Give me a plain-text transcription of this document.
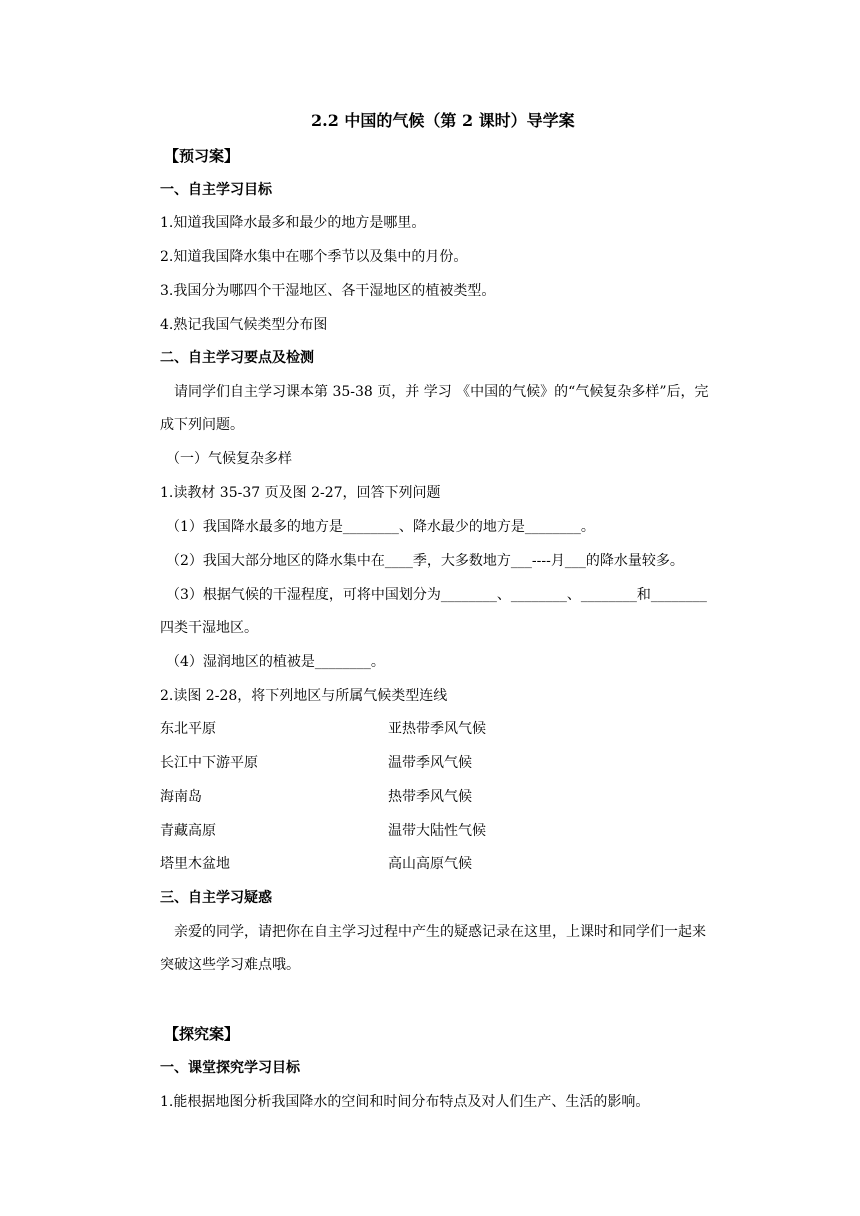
2.2 中国的气候（第 2 课时）导学案
【预习案】
一、自主学习目标
1.知道我国降水最多和最少的地方是哪里。
2.知道我国降水集中在哪个季节以及集中的月份。
3.我国分为哪四个干湿地区、各干湿地区的植被类型。
4.熟记我国气候类型分布图
二、自主学习要点及检测
请同学们自主学习课本第 35-38 页，并 学习 《中国的气候》的“气候复杂多样”后，完
成下列问题。
（一）气候复杂多样
1.读教材 35-37 页及图 2-27，回答下列问题
（1）我国降水最多的地方是________、降水最少的地方是________。
（2）我国大部分地区的降水集中在____季，大多数地方___----月___的降水量较多。
（3）根据气候的干湿程度，可将中国划分为________、________、________和________
四类干湿地区。
（4）湿润地区的植被是________。
2.读图 2-28，将下列地区与所属气候类型连线
东北平原	亚热带季风气候
长江中下游平原	温带季风气候
海南岛	热带季风气候
青藏高原	温带大陆性气候
塔里木盆地	高山高原气候
三、自主学习疑惑
亲爱的同学，请把你在自主学习过程中产生的疑惑记录在这里，上课时和同学们一起来
突破这些学习难点哦。
【探究案】
一、课堂探究学习目标
1.能根据地图分析我国降水的空间和时间分布特点及对人们生产、生活的影响。
